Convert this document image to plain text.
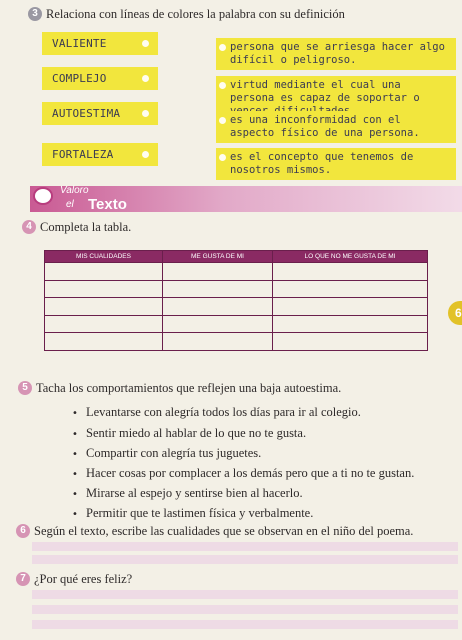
3 Relaciona con líneas de colores la palabra con su definición
VALIENTE
COMPLEJO
AUTOESTIMA
FORTALEZA
persona que se arriesga hacer algo difícil o peligroso.
virtud mediante el cual una persona es capaz de soportar o
es una inconformidad con el aspecto físico de una persona.
es el concepto que tenemos de nosotros mismos.
Valoro
el Texto
4 Completa la tabla.
MIS CUALIDADES	ME GUSTA DE MI	LO QUE NO ME GUSTA DE MI

6
5 Tacha los comportamientos que reflejen una baja autoestima.
• Levantarse con alegría todos los días para ir al colegio.
• Sentir miedo al hablar de lo que no te gusta.
• Compartir con alegría tus juguetes.
• Hacer cosas por complacer a los demás pero que a ti no te gustan.
• Mirarse al espejo y sentirse bien al hacerlo.
• Permitir que te lastimen física y verbalmente.
6 Según el texto, escribe las cualidades que se observan en el niño del poema.
7 ¿Por qué eres feliz?
